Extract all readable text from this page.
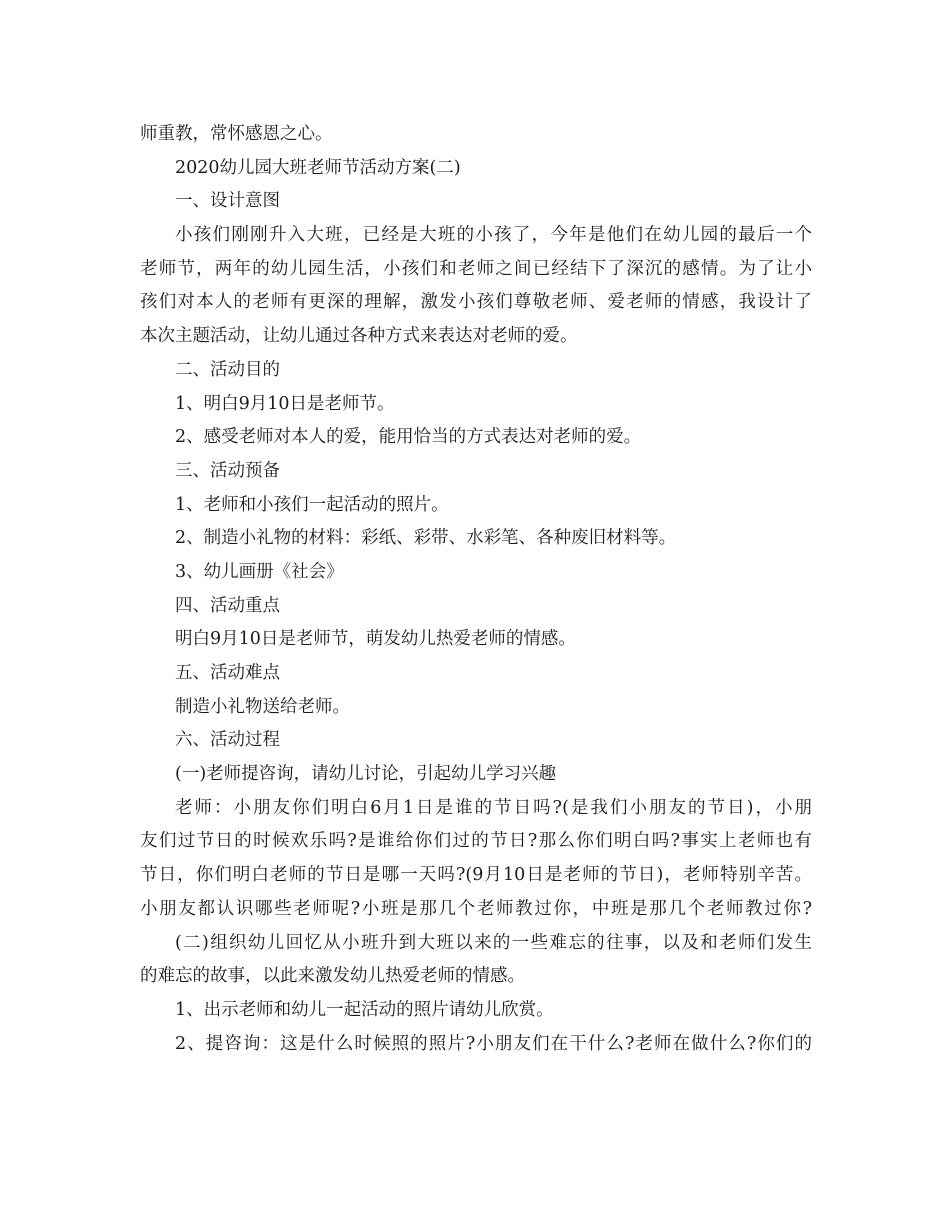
师重教，常怀感恩之心。
2020幼儿园大班老师节活动方案(二)
一、设计意图
小孩们刚刚升入大班，已经是大班的小孩了，今年是他们在幼儿园的最后一个
老师节，两年的幼儿园生活，小孩们和老师之间已经结下了深沉的感情。为了让小
孩们对本人的老师有更深的理解，激发小孩们尊敬老师、爱老师的情感，我设计了
本次主题活动，让幼儿通过各种方式来表达对老师的爱。
二、活动目的
1、明白9月10日是老师节。
2、感受老师对本人的爱，能用恰当的方式表达对老师的爱。
三、活动预备
1、老师和小孩们一起活动的照片。
2、制造小礼物的材料：彩纸、彩带、水彩笔、各种废旧材料等。
3、幼儿画册《社会》
四、活动重点
明白9月10日是老师节，萌发幼儿热爱老师的情感。
五、活动难点
制造小礼物送给老师。
六、活动过程
(一)老师提咨询，请幼儿讨论，引起幼儿学习兴趣
老师：小朋友你们明白6月1日是谁的节日吗?(是我们小朋友的节日)，小朋
友们过节日的时候欢乐吗?是谁给你们过的节日?那么你们明白吗?事实上老师也有
节日，你们明白老师的节日是哪一天吗?(9月10日是老师的节日)，老师特别辛苦。
小朋友都认识哪些老师呢?小班是那几个老师教过你，中班是那几个老师教过你?
(二)组织幼儿回忆从小班升到大班以来的一些难忘的往事，以及和老师们发生
的难忘的故事，以此来激发幼儿热爱老师的情感。
1、出示老师和幼儿一起活动的照片请幼儿欣赏。
2、提咨询：这是什么时候照的照片?小朋友们在干什么?老师在做什么?你们的
